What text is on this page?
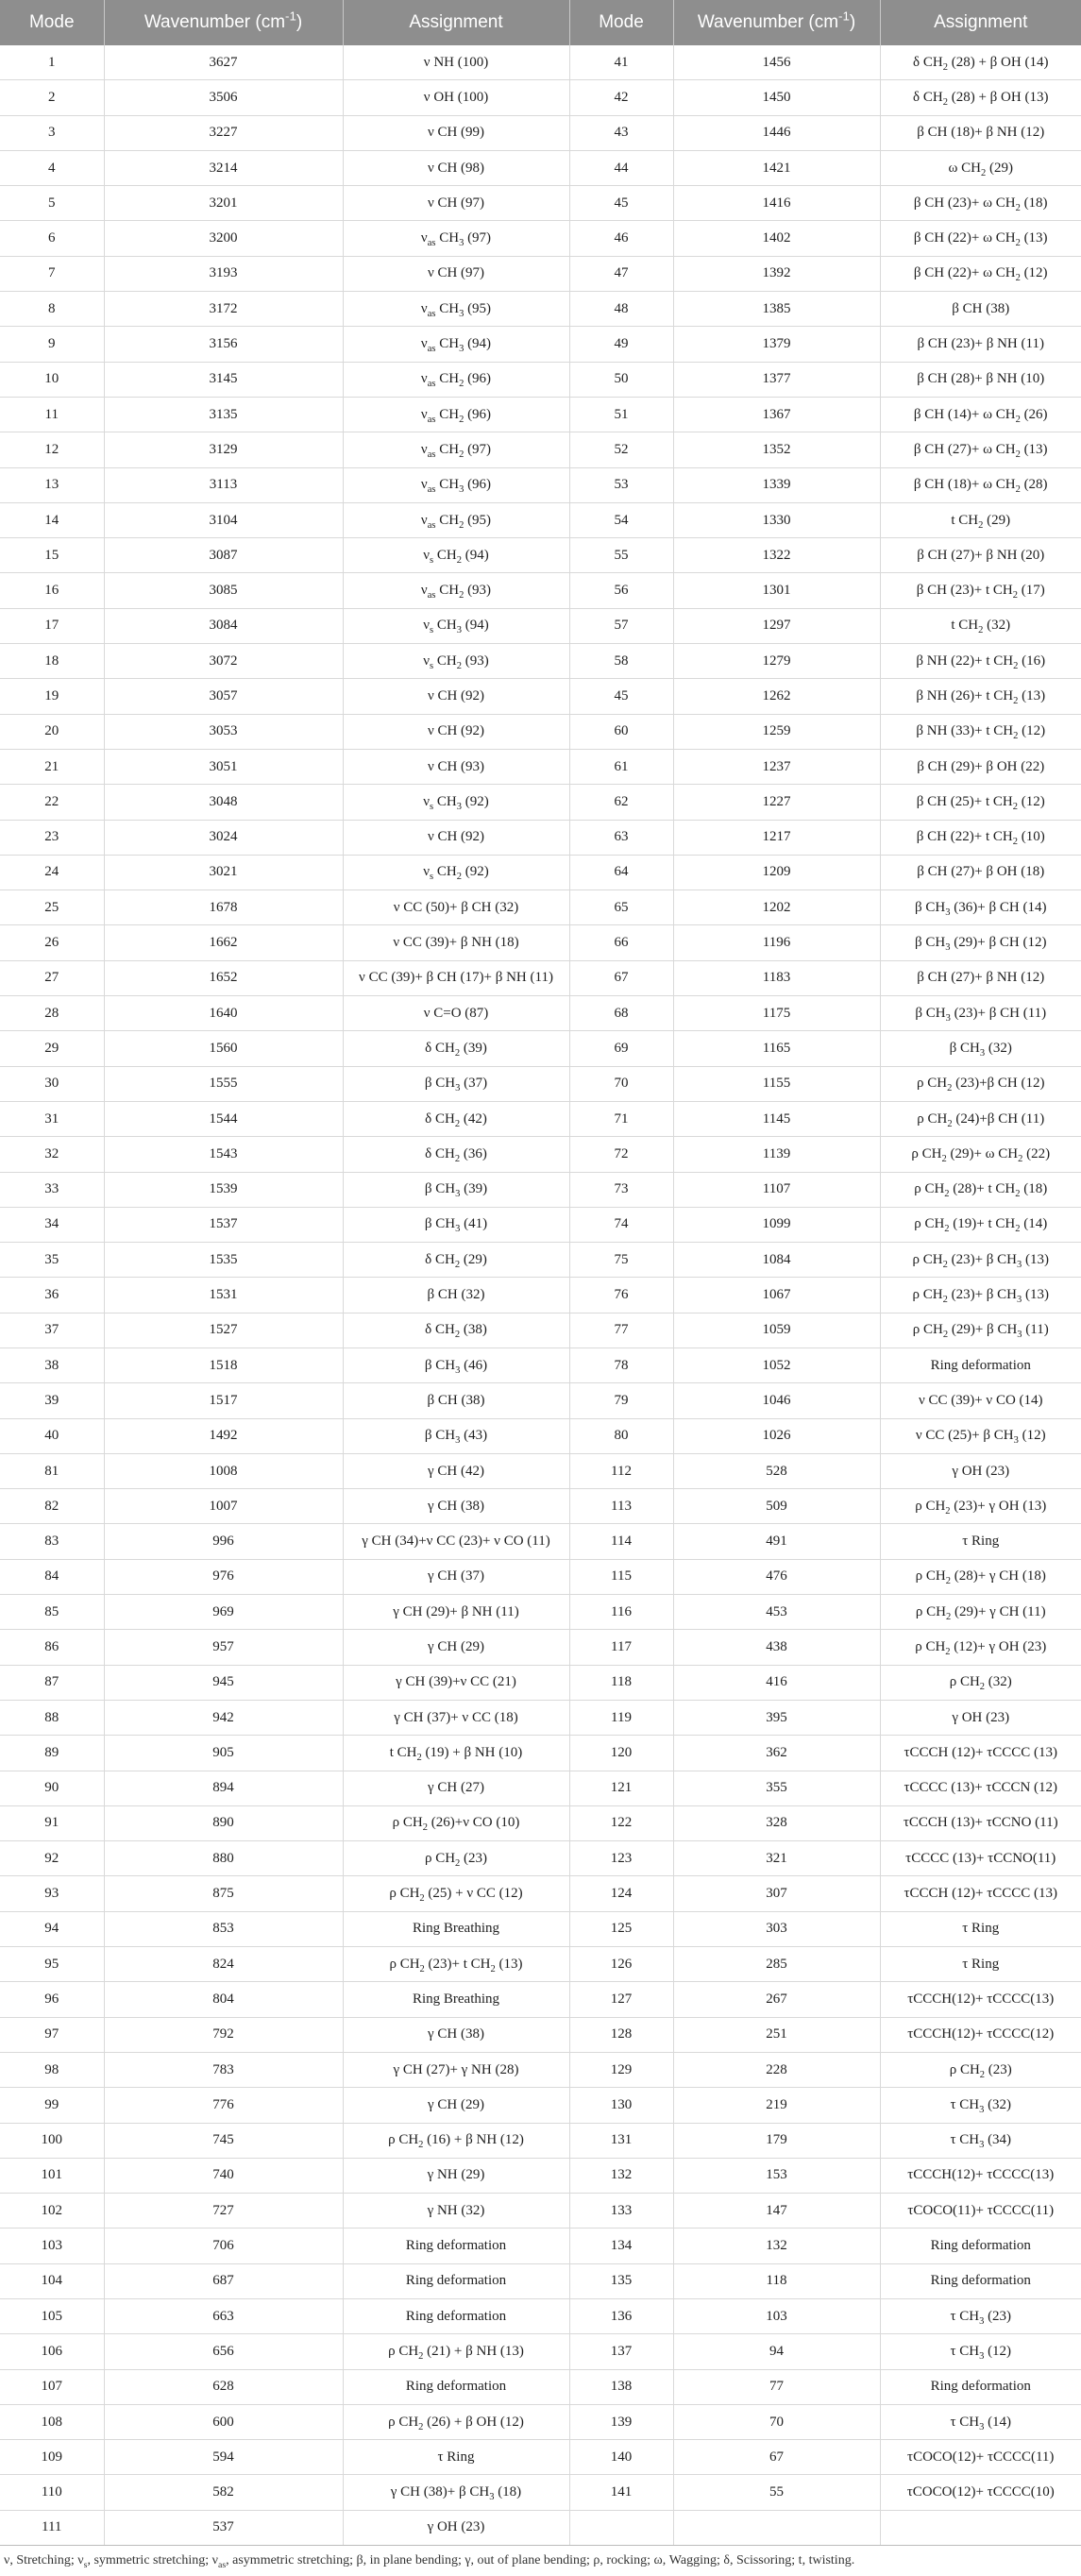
Mode	Wavenumber $(cm^{-1})$	Assignment	Mode	Wavenumber $(cm^{-1})$	Assignment
1	3627	ν NH (100)	41	1456	δ $CH_2$ (28) + β OH (14)
2	3506	ν OH (100)	42	1450	δ $CH_2$ (28) + β OH (13)
3	3227	ν CH (99)	43	1446	β CH (18)+ β NH (12)
4	3214	ν CH (98)	44	1421	ω $CH_2$ (29)
5	3201	ν CH (97)	45	1416	β CH (23)+ ω $CH_2$ (18)
6	3200	$\nu_{as}$ $CH_3$ (97)	46	1402	β CH (22)+ ω $CH_2$ (13)
7	3193	ν CH (97)	47	1392	β CH (22)+ ω $CH_2$ (12)
8	3172	$\nu_{as}$ $CH_3$ (95)	48	1385	β CH (38)
9	3156	$\nu_{as}$ $CH_3$ (94)	49	1379	β CH (23)+ β NH (11)
10	3145	$\nu_{as}$ $CH_2$ (96)	50	1377	β CH (28)+ β NH (10)
11	3135	$\nu_{as}$ $CH_2$ (96)	51	1367	β CH (14)+ ω $CH_2$ (26)
12	3129	$\nu_{as}$ $CH_2$ (97)	52	1352	β CH (27)+ ω $CH_2$ (13)
13	3113	$\nu_{as}$ $CH_3$ (96)	53	1339	β CH (18)+ ω $CH_2$ (28)
14	3104	$\nu_{as}$ $CH_2$ (95)	54	1330	t $CH_2$ (29)
15	3087	$\nu_s$ $CH_2$ (94)	55	1322	β CH (27)+ β NH (20)
16	3085	$\nu_{as}$ $CH_2$ (93)	56	1301	β CH (23)+ t $CH_2$ (17)
17	3084	$\nu_s$ $CH_3$ (94)	57	1297	t $CH_2$ (32)
18	3072	$\nu_s$ $CH_2$ (93)	58	1279	β NH (22)+ t $CH_2$ (16)
19	3057	ν CH (92)	45	1262	β NH (26)+ t $CH_2$ (13)
20	3053	ν CH (92)	60	1259	β NH (33)+ t $CH_2$ (12)
21	3051	ν CH (93)	61	1237	β CH (29)+ β OH (22)
22	3048	$\nu_s$ $CH_3$ (92)	62	1227	β CH (25)+ t $CH_2$ (12)
23	3024	ν CH (92)	63	1217	β CH (22)+ t $CH_2$ (10)
24	3021	$\nu_s$ $CH_2$ (92)	64	1209	β CH (27)+ β OH (18)
25	1678	ν CC (50)+ β CH (32)	65	1202	β $CH_3$ (36)+ β CH (14)
26	1662	ν CC (39)+ β NH (18)	66	1196	β $CH_3$ (29)+ β CH (12)
27	1652	ν CC (39)+ β CH (17)+ β NH (11)	67	1183	β CH (27)+ β NH (12)
28	1640	ν C=O (87)	68	1175	β $CH_3$ (23)+ β CH (11)
29	1560	δ $CH_2$ (39)	69	1165	β $CH_3$ (32)
30	1555	β $CH_3$ (37)	70	1155	ρ $CH_2$ (23)+β CH (12)
31	1544	δ $CH_2$ (42)	71	1145	ρ $CH_2$ (24)+β CH (11)
32	1543	δ $CH_2$ (36)	72	1139	ρ $CH_2$ (29)+ ω $CH_2$ (22)
33	1539	β $CH_3$ (39)	73	1107	ρ $CH_2$ (28)+ t $CH_2$ (18)
34	1537	β $CH_3$ (41)	74	1099	ρ $CH_2$ (19)+ t $CH_2$ (14)
35	1535	δ $CH_2$ (29)	75	1084	ρ $CH_2$ (23)+ β $CH_3$ (13)
36	1531	β CH (32)	76	1067	ρ $CH_2$ (23)+ β $CH_3$ (13)
37	1527	δ $CH_2$ (38)	77	1059	ρ $CH_2$ (29)+ β $CH_3$ (11)
38	1518	β $CH_3$ (46)	78	1052	Ring deformation
39	1517	β CH (38)	79	1046	ν CC (39)+ ν CO (14)
40	1492	β $CH_3$ (43)	80	1026	ν CC (25)+ β $CH_3$ (12)
81	1008	γ CH (42)	112	528	γ OH (23)
82	1007	γ CH (38)	113	509	ρ $CH_2$ (23)+ γ OH (13)
83	996	γ CH (34)+ν CC (23)+ ν CO (11)	114	491	τ Ring
84	976	γ CH (37)	115	476	ρ $CH_2$ (28)+ γ CH (18)
85	969	γ CH (29)+ β NH (11)	116	453	ρ $CH_2$ (29)+ γ CH (11)
86	957	γ CH (29)	117	438	ρ $CH_2$ (12)+ γ OH (23)
87	945	γ CH (39)+ν CC (21)	118	416	ρ $CH_2$ (32)
88	942	γ CH (37)+ ν CC (18)	119	395	γ OH (23)
89	905	t $CH_2$ (19) + β NH (10)	120	362	τCCCH (12)+ τCCCC (13)
90	894	γ CH (27)	121	355	τCCCC (13)+ τCCCN (12)
91	890	ρ $CH_2$ (26)+ν CO (10)	122	328	τCCCH (13)+ τCCNO (11)
92	880	ρ $CH_2$ (23)	123	321	τCCCC (13)+ τCCNO(11)
93	875	ρ $CH_2$ (25) + ν CC (12)	124	307	τCCCH (12)+ τCCCC (13)
94	853	Ring Breathing	125	303	τ Ring
95	824	ρ $CH_2$ (23)+ t $CH_2$ (13)	126	285	τ Ring
96	804	Ring Breathing	127	267	τCCCH(12)+ τCCCC(13)
97	792	γ CH (38)	128	251	τCCCH(12)+ τCCCC(12)
98	783	γ CH (27)+ γ NH (28)	129	228	ρ $CH_2$ (23)
99	776	γ CH (29)	130	219	τ $CH_3$ (32)
100	745	ρ $CH_2$ (16) + β NH (12)	131	179	τ $CH_3$ (34)
101	740	γ NH (29)	132	153	τCCCH(12)+ τCCCC(13)
102	727	γ NH (32)	133	147	τCOCO(11)+ τCCCC(11)
103	706	Ring deformation	134	132	Ring deformation
104	687	Ring deformation	135	118	Ring deformation
105	663	Ring deformation	136	103	τ $CH_3$ (23)
106	656	ρ $CH_2$ (21) + β NH (13)	137	94	τ $CH_3$ (12)
107	628	Ring deformation	138	77	Ring deformation
108	600	ρ $CH_2$ (26) + β OH (12)	139	70	τ $CH_3$ (14)
109	594	τ Ring	140	67	τCOCO(12)+ τCCCC(11)
110	582	γ CH (38)+ β $CH_3$ (18)	141	55	τCOCO(12)+ τCCCC(10)
111	537	γ OH (23)			
ν, Stretching; $\nu_s$, symmetric stretching; $\nu_{as}$, asymmetric stretching; β, in plane bending; γ, out of plane bending; ρ, rocking; ω, Wagging; δ, Scissoring; t, twisting.
